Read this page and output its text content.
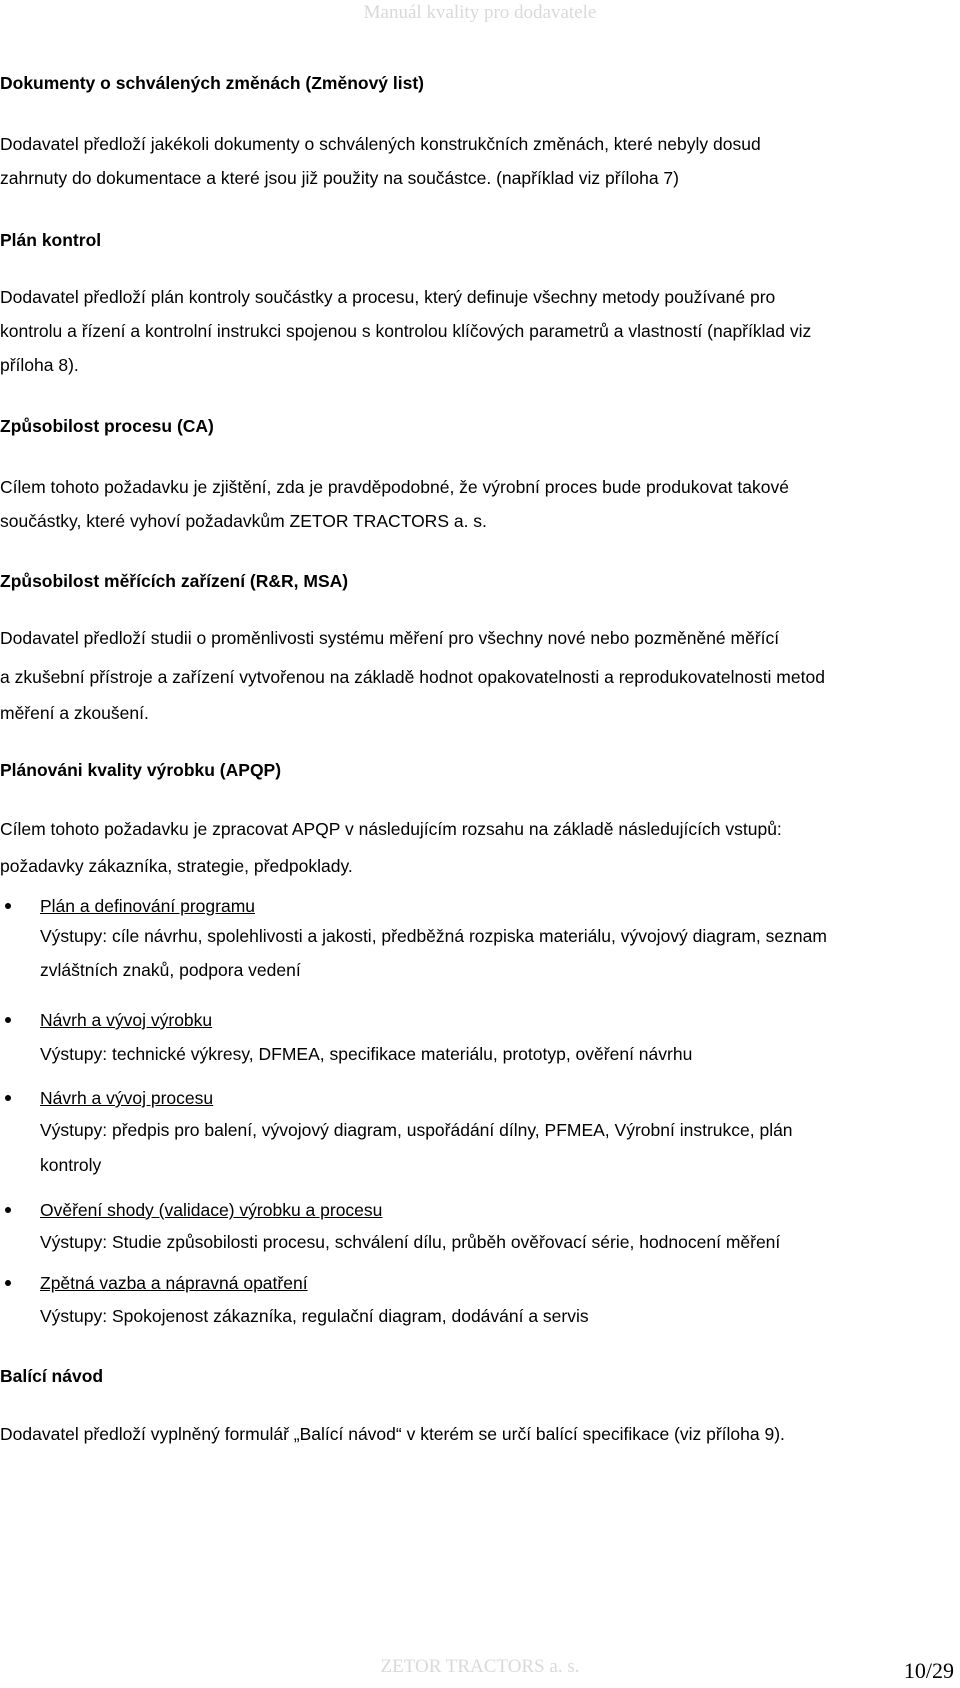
Manuál kvality pro dodavatele
Dokumenty o schválených změnách (Změnový list)

Dodavatel předloží jakékoli dokumenty o schválených konstrukčních změnách, které nebyly dosud

zahrnuty do dokumentace a které jsou již použity na součástce. (například viz příloha 7)

Plán kontrol

Dodavatel předloží plán kontroly součástky a procesu, který definuje všechny metody používané pro

kontrolu a řízení a kontrolní instrukci spojenou s kontrolou klíčových parametrů a vlastností (například viz

příloha 8).

Způsobilost procesu (CA)

Cílem tohoto požadavku je zjištění, zda je pravděpodobné, že výrobní proces bude produkovat takové

součástky, které vyhoví požadavkům ZETOR TRACTORS a. s.

Způsobilost měřících zařízení (R&R, MSA)

Dodavatel předloží studii o proměnlivosti systému měření pro všechny nové nebo pozměněné měřící

a zkušební přístroje a zařízení vytvořenou na základě hodnot opakovatelnosti a reprodukovatelnosti metod

měření a zkoušení.

Plánováni kvality výrobku (APQP)

Cílem tohoto požadavku je zpracovat APQP v následujícím rozsahu na základě následujících vstupů:

požadavky zákazníka, strategie, předpoklady.

Plán a definování programu
Výstupy: cíle návrhu, spolehlivosti a jakosti, předběžná rozpiska materiálu, vývojový diagram, seznam
zvláštních znaků, podpora vedení
Návrh a vývoj výrobku
Výstupy: technické výkresy, DFMEA, specifikace materiálu, prototyp, ověření návrhu
Návrh a vývoj procesu
Výstupy: předpis pro balení, vývojový diagram, uspořádání dílny, PFMEA, Výrobní instrukce, plán
kontroly
Ověření shody (validace) výrobku a procesu
Výstupy: Studie způsobilosti procesu, schválení dílu, průběh ověřovací série, hodnocení měření
Zpětná vazba a nápravná opatření
Výstupy: Spokojenost zákazníka, regulační diagram, dodávání a servis
Balící návod

Dodavatel předloží vyplněný formulář „Balící návod“ v kterém se určí balící specifikace (viz příloha 9).

ZETOR TRACTORS a. s.	10/29
